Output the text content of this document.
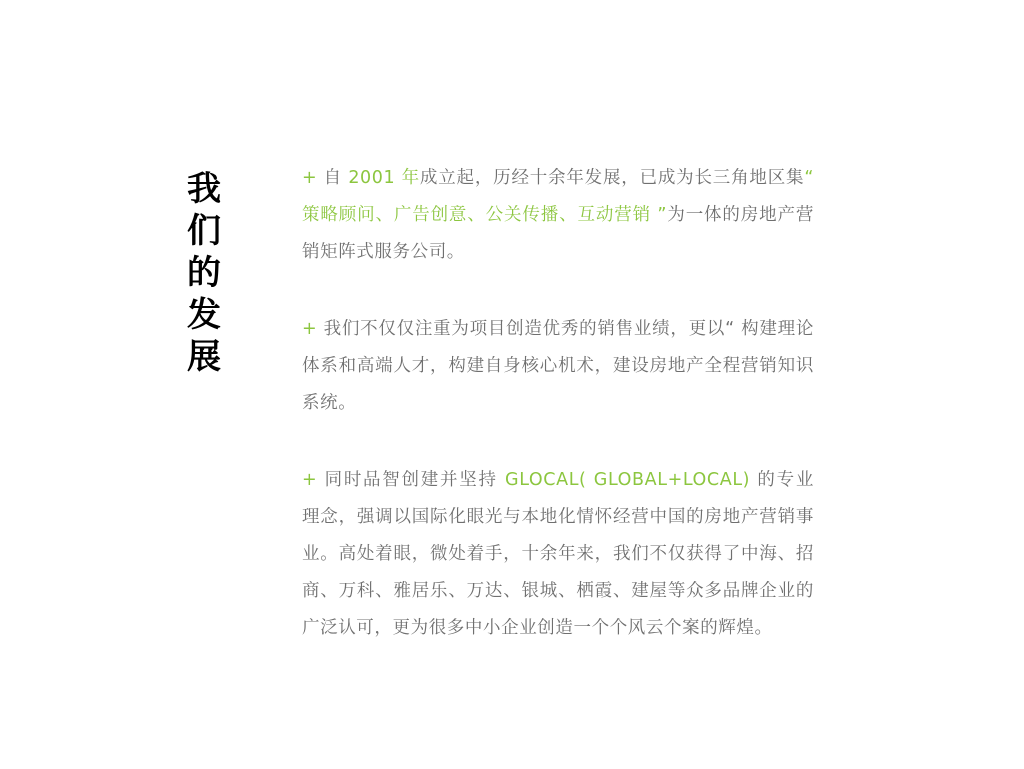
我
们
的
发
展

+ 自 2001 年成立起，历经十余年发展，已成为长三角地区集“ 策略顾问、广告创意、公关传播、互动营销 ”为一体的房地产营销矩阵式服务公司。

+ 我们不仅仅注重为项目创造优秀的销售业绩，更以“ 构建理论体系和高端人才，构建自身核心机术，建设房地产全程营销知识系统。

+ 同时品智创建并坚持 GLOCAL( GLOBAL+LOCAL) 的专业理念，强调以国际化眼光与本地化情怀经营中国的房地产营销事业。高处着眼，微处着手，十余年来，我们不仅获得了中海、招商、万科、雅居乐、万达、银城、栖霞、建屋等众多品牌企业的广泛认可，更为很多中小企业创造一个个风云个案的辉煌。
